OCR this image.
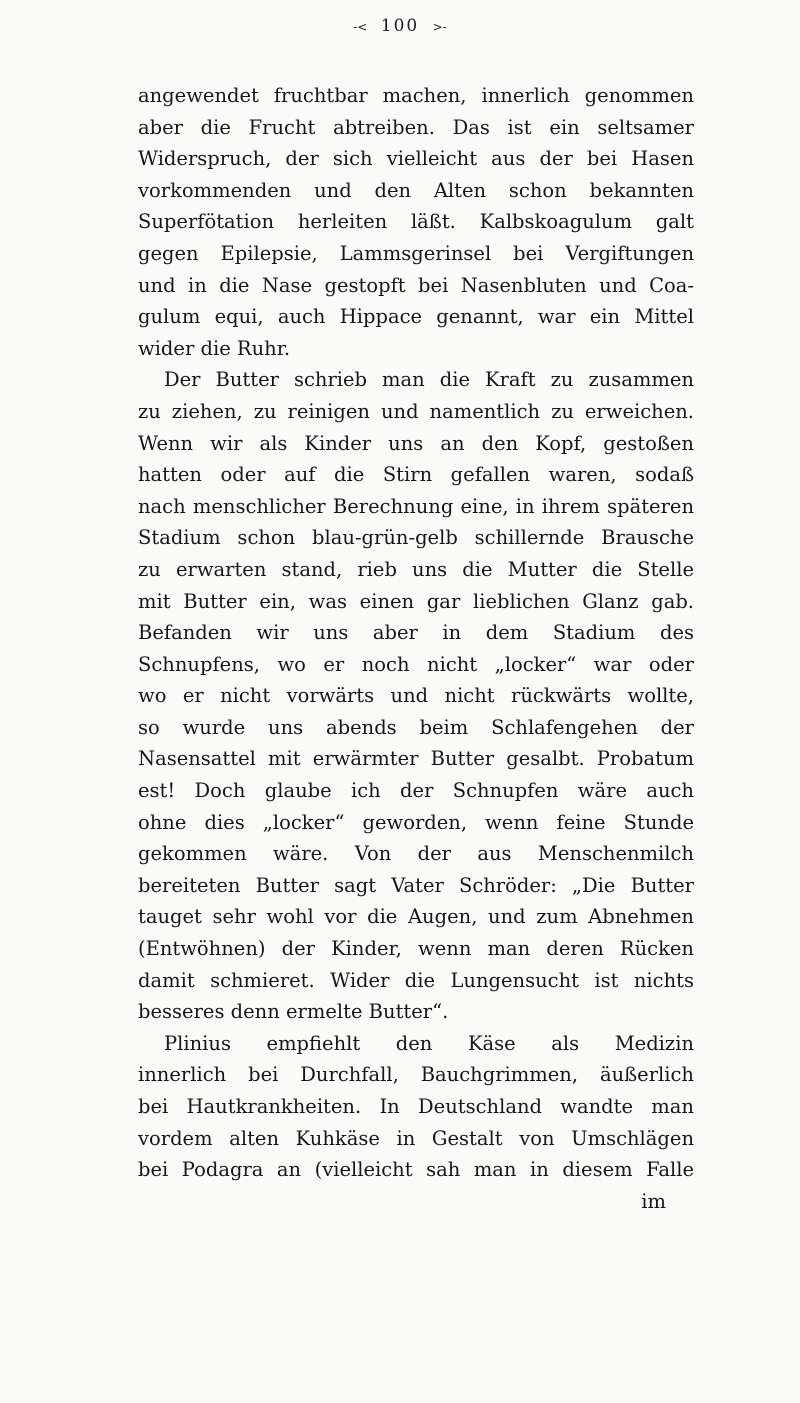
-< 100 >-
angewendet fruchtbar machen, innerlich genommen
aber die Frucht abtreiben. Das ist ein seltsamer
Widerspruch, der sich vielleicht aus der bei Hasen
vorkommenden und den Alten schon bekannten
Superfötation herleiten läßt. Kalbskoagulum galt
gegen Epilepsie, Lammsgerinsel bei Vergiftungen
und in die Nase gestopft bei Nasenbluten und Coa-
gulum equi, auch Hippace genannt, war ein Mittel
wider die Ruhr.
Der Butter schrieb man die Kraft zu zusammen
zu ziehen, zu reinigen und namentlich zu erweichen.
Wenn wir als Kinder uns an den Kopf, gestoßen
hatten oder auf die Stirn gefallen waren, sodaß
nach menschlicher Berechnung eine, in ihrem späteren
Stadium schon blau-grün-gelb schillernde Brausche
zu erwarten stand, rieb uns die Mutter die Stelle
mit Butter ein, was einen gar lieblichen Glanz gab.
Befanden wir uns aber in dem Stadium des
Schnupfens, wo er noch nicht „locker“ war oder
wo er nicht vorwärts und nicht rückwärts wollte,
so wurde uns abends beim Schlafengehen der
Nasensattel mit erwärmter Butter gesalbt. Probatum
est! Doch glaube ich der Schnupfen wäre auch
ohne dies „locker“ geworden, wenn feine Stunde
gekommen wäre. Von der aus Menschenmilch
bereiteten Butter sagt Vater Schröder: „Die Butter
tauget sehr wohl vor die Augen, und zum Abnehmen
(Entwöhnen) der Kinder, wenn man deren Rücken
damit schmieret. Wider die Lungensucht ist nichts
besseres denn ermelte Butter“.
Plinius empfiehlt den Käse als Medizin
innerlich bei Durchfall, Bauchgrimmen, äußerlich
bei Hautkrankheiten. In Deutschland wandte man
vordem alten Kuhkäse in Gestalt von Umschlägen
bei Podagra an (vielleicht sah man in diesem Falle
im
